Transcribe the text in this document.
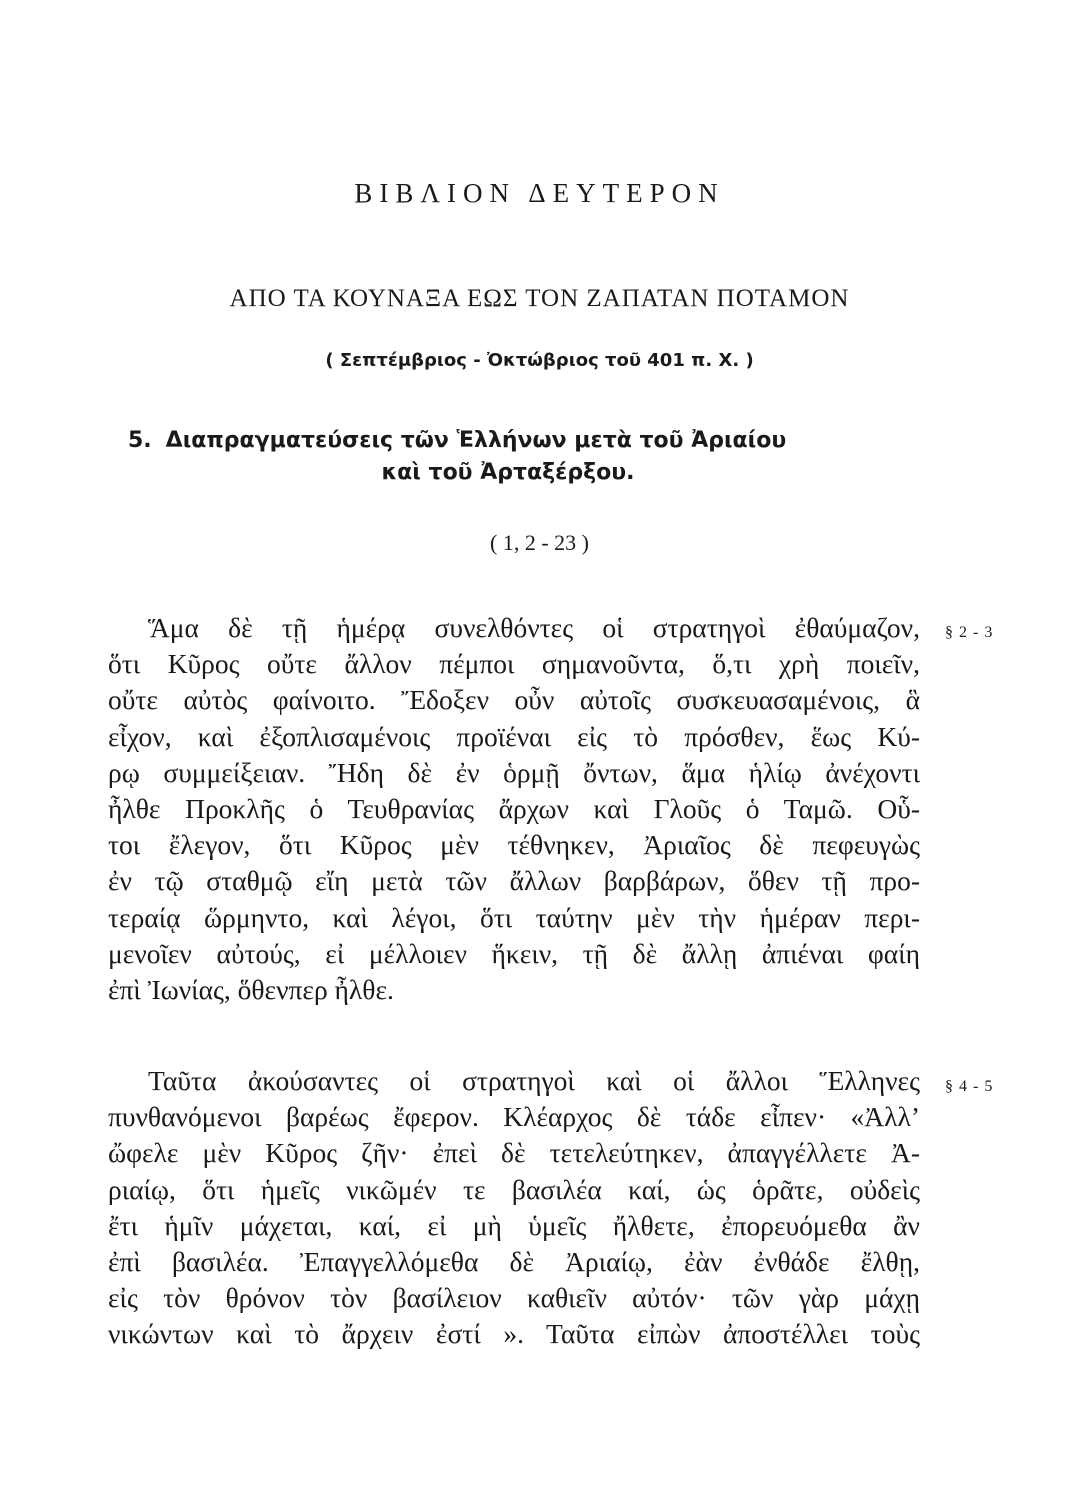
ΒΙΒΛΙΟΝ ΔΕΥΤΕΡΟΝ
ΑΠΟ ΤΑ ΚΟΥΝΑΞΑ ΕΩΣ ΤΟΝ ΖΑΠΑΤΑΝ ΠΟΤΑΜΟΝ
( Σεπτέμβριος - Ὀκτώβριος τοῦ 401 π. Χ. )
5. Διαπραγματεύσεις τῶν Ἑλλήνων μετὰ τοῦ Ἀριαίου
καὶ τοῦ Ἀρταξέρξου.
( 1, 2 - 23 )
Ἅμα δὲ τῇ ἡμέρᾳ συνελθόντες οἱ στρατηγοὶ ἐθαύμαζον,
ὅτι Κῦρος οὔτε ἄλλον πέμποι σημανοῦντα, ὅ,τι χρὴ ποιεῖν,
οὔτε αὐτὸς φαίνοιτο. Ἔδοξεν οὖν αὐτοῖς συσκευασαμένοις, ἃ
εἶχον, καὶ ἐξοπλισαμένοις προϊέναι εἰς τὸ πρόσθεν, ἕως Κύ-
ρῳ συμμείξειαν. Ἤδη δὲ ἐν ὁρμῇ ὄντων, ἅμα ἡλίῳ ἀνέχοντι
ἦλθε Προκλῆς ὁ Τευθρανίας ἄρχων καὶ Γλοῦς ὁ Ταμῶ. Οὗ-
τοι ἔλεγον, ὅτι Κῦρος μὲν τέθνηκεν, Ἀριαῖος δὲ πεφευγὼς
ἐν τῷ σταθμῷ εἴη μετὰ τῶν ἄλλων βαρβάρων, ὅθεν τῇ προ-
τεραίᾳ ὥρμηντο, καὶ λέγοι, ὅτι ταύτην μὲν τὴν ἡμέραν περι-
μενοῖεν αὐτούς, εἰ μέλλοιεν ἥκειν, τῇ δὲ ἄλλῃ ἀπιέναι φαίη
ἐπὶ Ἰωνίας, ὅθενπερ ἦλθε.
Ταῦτα ἀκούσαντες οἱ στρατηγοὶ καὶ οἱ ἄλλοι Ἕλληνες
πυνθανόμενοι βαρέως ἔφερον. Κλέαρχος δὲ τάδε εἶπεν· «Ἀλλ’
ὤφελε μὲν Κῦρος ζῆν· ἐπεὶ δὲ τετελεύτηκεν, ἀπαγγέλλετε Ἀ-
ριαίῳ, ὅτι ἡμεῖς νικῶμέν τε βασιλέα καί, ὡς ὁρᾶτε, οὐδεὶς
ἔτι ἡμῖν μάχεται, καί, εἰ μὴ ὑμεῖς ἤλθετε, ἐπορευόμεθα ἂν
ἐπὶ βασιλέα. Ἐπαγγελλόμεθα δὲ Ἀριαίῳ, ἐὰν ἐνθάδε ἔλθῃ,
εἰς τὸν θρόνον τὸν βασίλειον καθιεῖν αὐτόν· τῶν γὰρ μάχῃ
νικώντων καὶ τὸ ἄρχειν ἐστί ». Ταῦτα εἰπὼν ἀποστέλλει τοὺς
§ 2 - 3
§ 4 - 5
